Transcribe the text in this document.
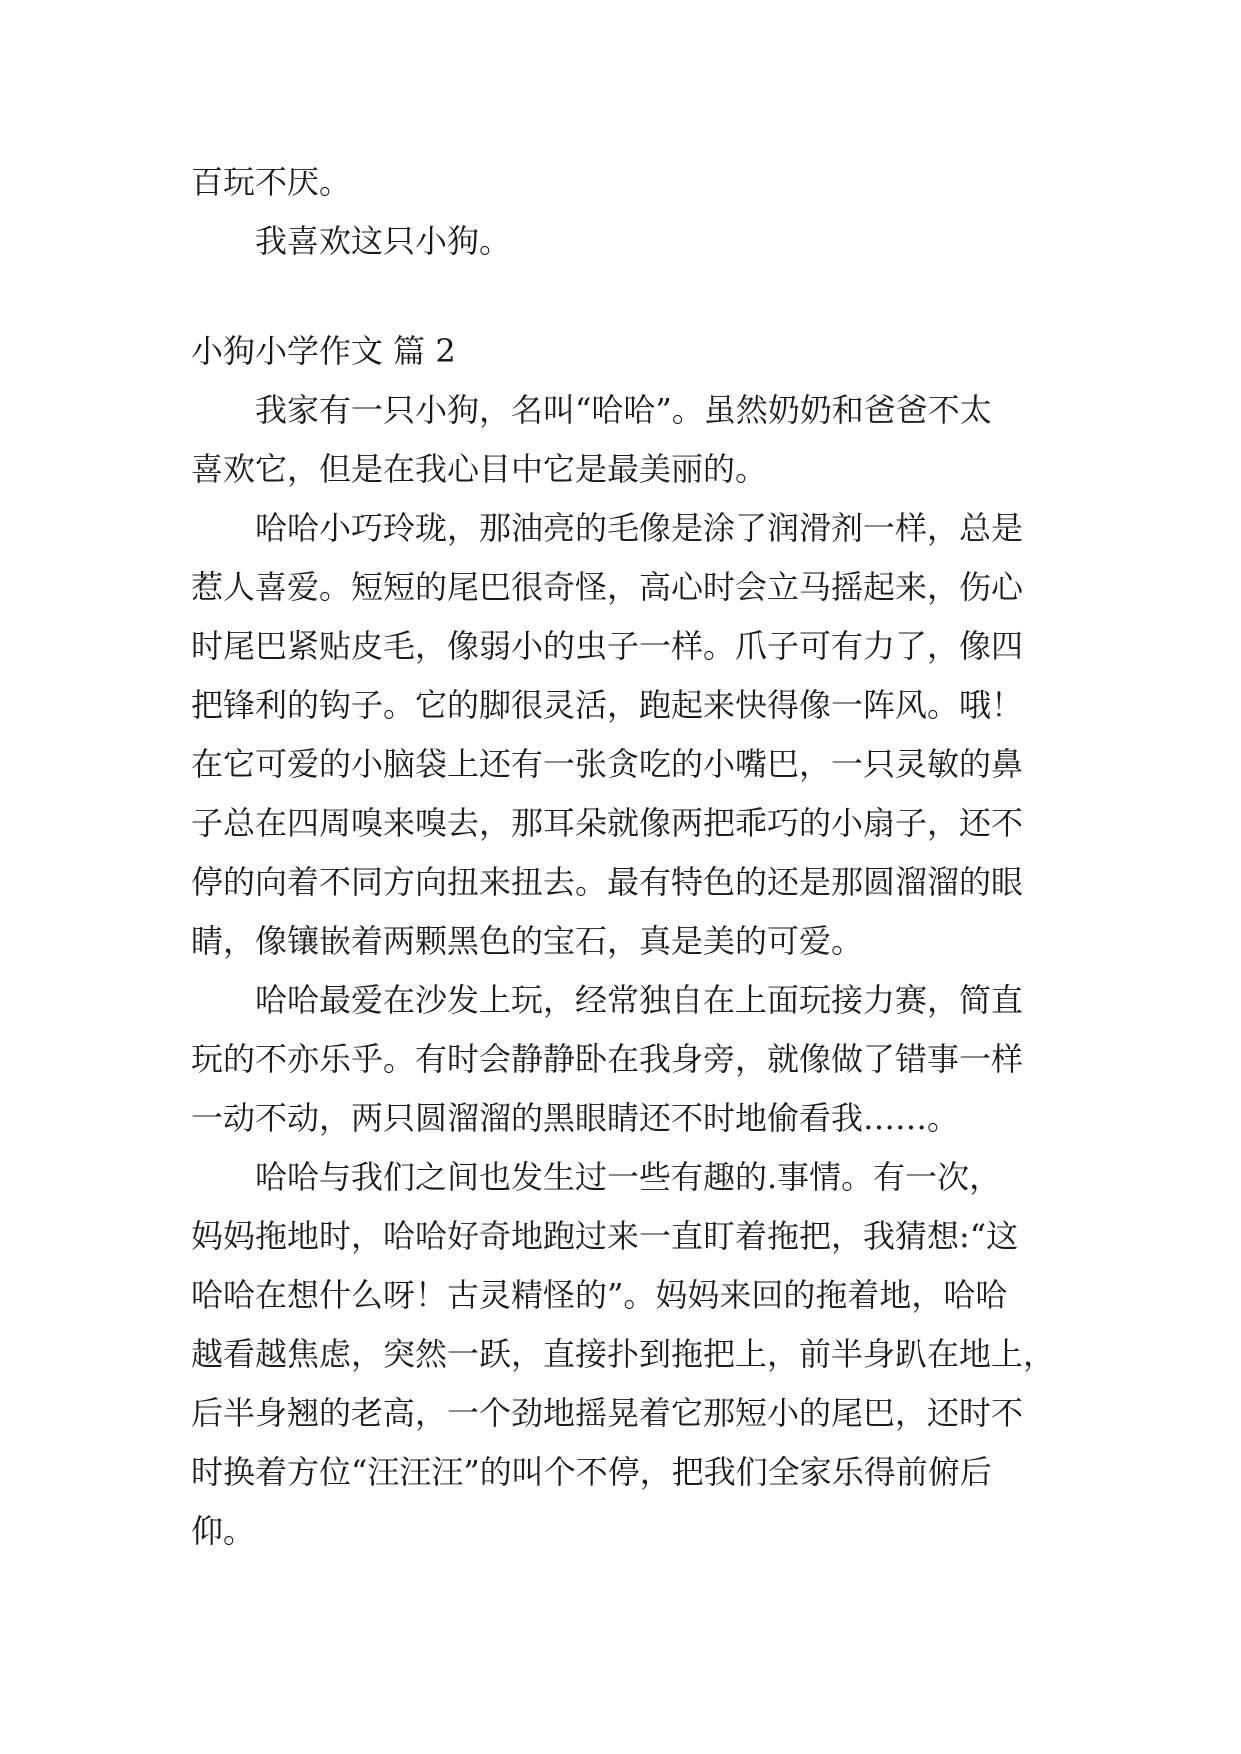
百玩不厌。
我喜欢这只小狗。
小狗小学作文 篇 2
我家有一只小狗，名叫“哈哈”。虽然奶奶和爸爸不太
喜欢它，但是在我心目中它是最美丽的。
哈哈小巧玲珑，那油亮的毛像是涂了润滑剂一样，总是
惹人喜爱。短短的尾巴很奇怪，高心时会立马摇起来，伤心
时尾巴紧贴皮毛，像弱小的虫子一样。爪子可有力了，像四
把锋利的钩子。它的脚很灵活，跑起来快得像一阵风。哦！
在它可爱的小脑袋上还有一张贪吃的小嘴巴，一只灵敏的鼻
子总在四周嗅来嗅去，那耳朵就像两把乖巧的小扇子，还不
停的向着不同方向扭来扭去。最有特色的还是那圆溜溜的眼
睛，像镶嵌着两颗黑色的宝石，真是美的可爱。
哈哈最爱在沙发上玩，经常独自在上面玩接力赛，简直
玩的不亦乐乎。有时会静静卧在我身旁，就像做了错事一样
一动不动，两只圆溜溜的黑眼睛还不时地偷看我……。
哈哈与我们之间也发生过一些有趣的.事情。有一次，
妈妈拖地时，哈哈好奇地跑过来一直盯着拖把，我猜想:“这
哈哈在想什么呀！古灵精怪的”。妈妈来回的拖着地，哈哈
越看越焦虑，突然一跃，直接扑到拖把上，前半身趴在地上，
后半身翘的老高，一个劲地摇晃着它那短小的尾巴，还时不
时换着方位“汪汪汪”的叫个不停，把我们全家乐得前俯后
仰。
